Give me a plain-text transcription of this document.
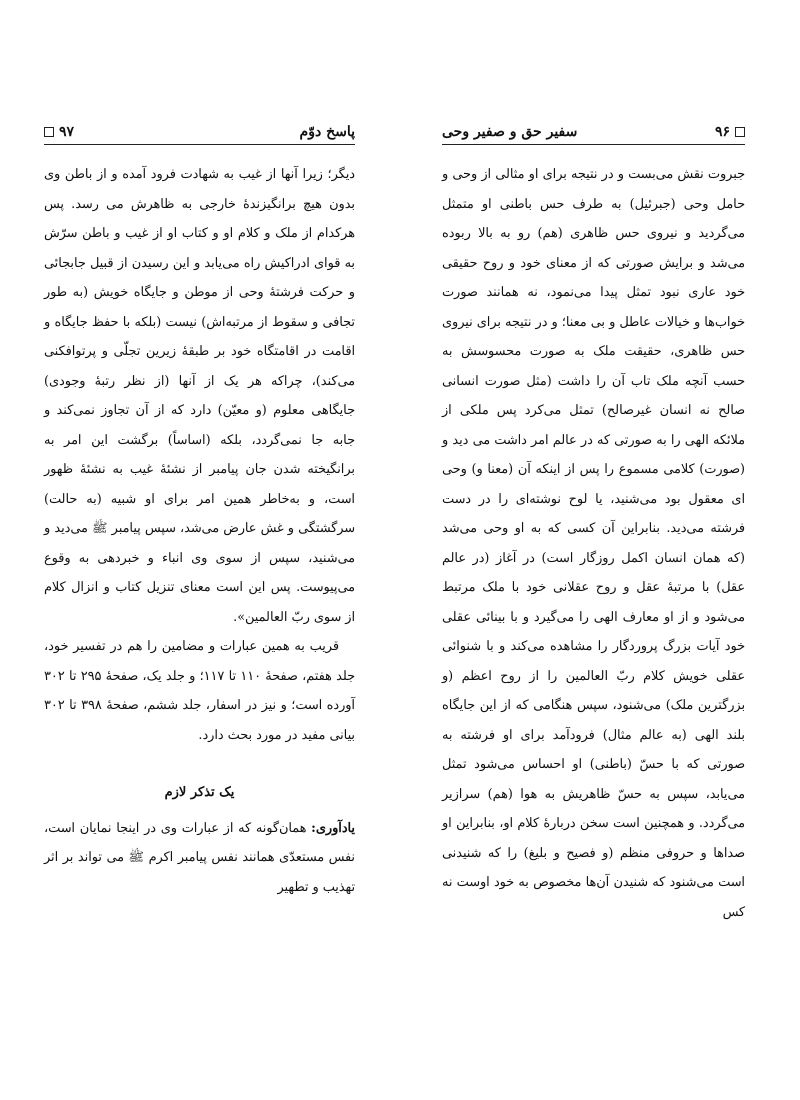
۹۶
سفیر حق و صفیر وحی

جبروت نقش می‌بست و در نتیجه برای او مثالی از وحی و حامل وحی (جبرئیل) به طرف حس باطنی او متمثل می‌گردید و نیروی حس ظاهری (هم) رو به بالا ربوده می‌شد و برایش صورتی که از معنای خود و روح حقیقی خود عاری نبود تمثل پیدا می‌نمود، نه همانند صورت خواب‌ها و خیالات عاطل و بی معنا؛ و در نتیجه برای نیروی حس ظاهری، حقیقت ملک به صورت محسوسش به حسب آنچه ملک تاب آن را داشت (مثل صورت انسانی صالح نه انسان غیرصالح) تمثل می‌کرد پس ملکی از ملائکه الهی را به صورتی که در عالم امر داشت می دید و (صورت) کلامی مسموع را پس از اینکه آن (معنا و) وحی ای معقول بود می‌شنید، یا لوح نوشته‌ای را در دست فرشته می‌دید. بنابراین آن کسی که به او وحی می‌شد (که همان انسان اکمل روزگار است) در آغاز (در عالم عقل) با مرتبهٔ عقل و روح عقلانی خود با ملک مرتبط می‌شود و از او معارف الهی را می‌گیرد و با بینائی عقلی خود آیات بزرگ پروردگار را مشاهده می‌کند و با شنوائی عقلی خویش کلام ربّ العالمین را از روح اعظم (و بزرگترین ملک) می‌شنود، سپس هنگامی که از این جایگاه بلند الهی (به عالم مثال) فرودآمد برای او فرشته به صورتی که با حسّ (باطنی) او احساس می‌شود تمثل می‌یابد، سپس به حسّ ظاهریش به هوا (هم) سرازیر می‌گردد. و همچنین است سخن دربارهٔ کلام او، بنابراین او صداها و حروفی منظم (و فصیح و بلیغ) را که شنیدنی است می‌شنود که شنیدن آن‌ها مخصوص به خود اوست نه کس

پاسخ دوّم
۹۷

دیگر؛ زیرا آنها از غیب به شهادت فرود آمده و از باطن وی بدون هیچ برانگیزندهٔ خارجی به ظاهرش می رسد. پس هرکدام از ملک و کلام او و کتاب او از غیب و باطن سرّش به قوای ادراکیش راه می‌یابد و این رسیدن از قبیل جابجائی و حرکت فرشتهٔ وحی از موطن و جایگاه خویش (به طور تجافی و سقوط از مرتبه‌اش) نیست (بلکه با حفظ جایگاه و اقامت در اقامتگاه خود بر طبقهٔ زیرین تجلّی و پرتوافکنی می‌کند)، چراکه هر یک از آنها (از نظر رتبهٔ وجودی) جایگاهی معلوم (و معیّن) دارد که از آن تجاوز نمی‌کند و جابه جا نمی‌گردد، بلکه (اساساً) برگشت این امر به برانگیخته شدن جان پیامبر از نشئهٔ غیب به نشئهٔ ظهور است، و به‌خاطر همین امر برای او شبیه (به حالت) سرگشتگی و غش عارض می‌شد، سپس پیامبر ﷺ می‌دید و می‌شنید، سپس از سوی وی انباء و خبردهی به وقوع می‌پیوست. پس این است معنای تنزیل کتاب و انزال کلام از سوی ربّ العالمین».

قریب به همین عبارات و مضامین را هم در تفسیر خود، جلد هفتم، صفحهٔ ۱۱۰ تا ۱۱۷؛ و جلد یک، صفحهٔ ۲۹۵ تا ۳۰۲ آورده است؛ و نیز در اسفار، جلد ششم، صفحهٔ ۳۹۸ تا ۳۰۲ بیانی مفید در مورد بحث دارد.

یک تذکر لازم

یادآوری: همان‌گونه که از عبارات وی در اینجا نمایان است، نفس مستعدّی همانند نفس پیامبر اکرم ﷺ می تواند بر اثر تهذیب و تطهیر
